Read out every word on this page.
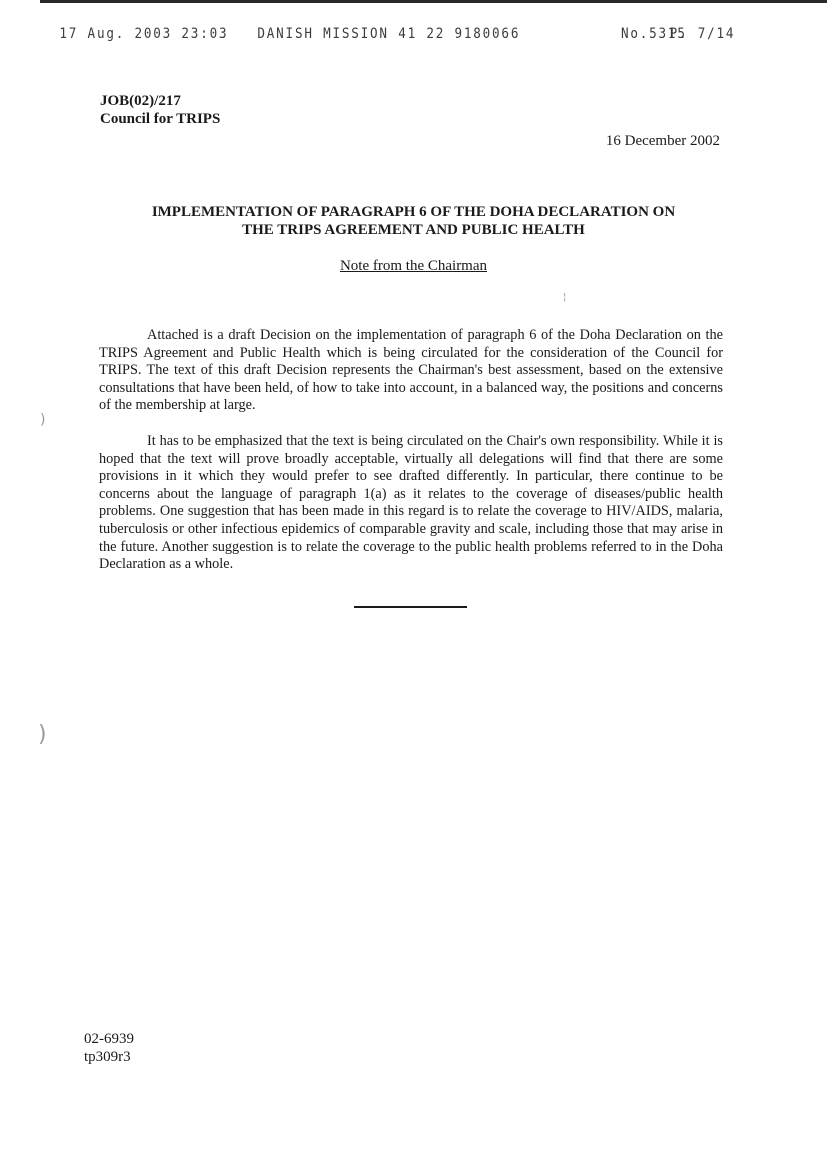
17 Aug. 2003 23:03 DANISH MISSION 41 22 9180066	No.5315
P. 7/14
JOB(02)/217
Council for TRIPS
16 December 2002
IMPLEMENTATION OF PARAGRAPH 6 OF THE DOHA DECLARATION ON
THE TRIPS AGREEMENT AND PUBLIC HEALTH
Note from the Chairman

Attached is a draft Decision on the implementation of paragraph 6 of the Doha Declaration on the TRIPS Agreement and Public Health which is being circulated for the consideration of the Council for TRIPS. The text of this draft Decision represents the Chairman's best assessment, based on the extensive consultations that have been held, of how to take into account, in a balanced way, the positions and concerns of the membership at large.

It has to be emphasized that the text is being circulated on the Chair's own responsibility. While it is hoped that the text will prove broadly acceptable, virtually all delegations will find that there are some provisions in it which they would prefer to see drafted differently. In particular, there continue to be concerns about the language of paragraph 1(a) as it relates to the coverage of diseases/public health problems. One suggestion that has been made in this regard is to relate the coverage to HIV/AIDS, malaria, tuberculosis or other infectious epidemics of comparable gravity and scale, including those that may arise in the future. Another suggestion is to relate the coverage to the public health problems referred to in the Doha Declaration as a whole.

02-6939
tp309r3
)
)
¦
